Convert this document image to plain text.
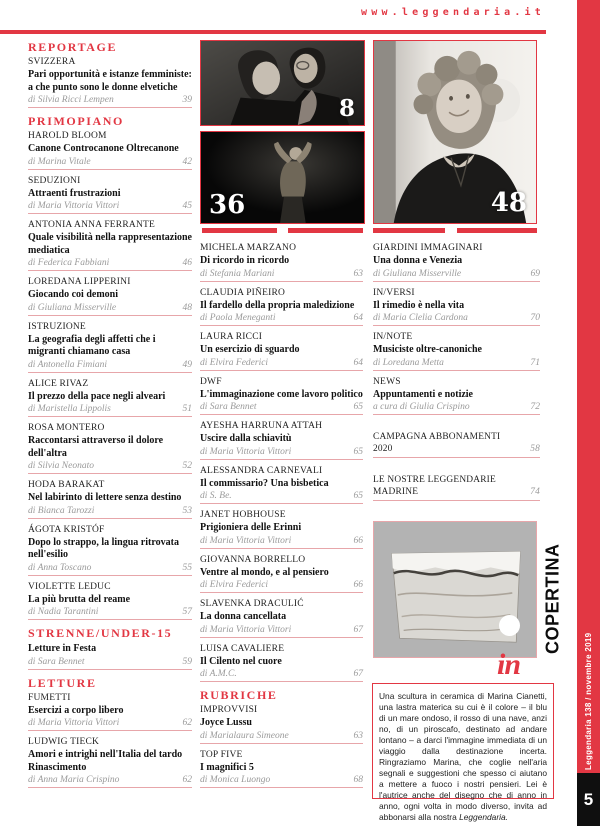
www.leggendaria.it
8
36	48
REPORTAGE
SVIZZERA
Pari opportunità e istanze femministe: a che punto sono le donne elvetiche
di Silvia Ricci Lempen	39
PRIMOPIANO
HAROLD BLOOM
Canone Controcanone Oltrecanone
di Marina Vitale	42
SEDUZIONI
Attraenti frustrazioni
di Maria Vittoria Vittori	45
ANTONIA ANNA FERRANTE
Quale visibilità nella rappresentazione mediatica
di Federica Fabbiani	46
LOREDANA LIPPERINI
Giocando coi demoni
di Giuliana Misserville	48
ISTRUZIONE
La geografia degli affetti che i migranti chiamano casa
di Antonella Fimiani	49
ALICE RIVAZ
Il prezzo della pace negli alveari
di Maristella Lippolis	51
ROSA MONTERO
Raccontarsi attraverso il dolore dell'altra
di Silvia Neonato	52
HODA BARAKAT
Nel labirinto di lettere senza destino
di Bianca Tarozzi	53
ÁGOTA KRISTÓF
Dopo lo strappo, la lingua ritrovata nell'esilio
di Anna Toscano	55
VIOLETTE LEDUC
La più brutta del reame
di Nadia Tarantini	57
STRENNE/UNDER-15
Letture in Festa
di Sara Bennet	59
LETTURE
FUMETTI
Esercizi a corpo libero
di Maria Vittoria Vittori	62
LUDWIG TIECK
Amori e intrighi nell'Italia del tardo Rinascimento
di Anna Maria Crispino	62
MICHELA MARZANO
Di ricordo in ricordo
di Stefania Mariani	63
CLAUDIA PIÑEIRO
Il fardello della propria maledizione
di Paola Meneganti	64
LAURA RICCI
Un esercizio di sguardo
di Elvira Federici	64
DWF
L'immaginazione come lavoro politico
di Sara Bennet	65
AYESHA HARRUNA ATTAH
Uscire dalla schiavitù
di Maria Vittoria Vittori	65
ALESSANDRA CARNEVALI
Il commissario? Una bisbetica
di S. Be.	65
JANET HOBHOUSE
Prigioniera delle Erinni
di Maria Vittoria Vittori	66
GIOVANNA BORRELLO
Ventre al mondo, e al pensiero
di Elvira Federici	66
SLAVENKA DRACULIĆ
La donna cancellata
di Maria Vittoria Vittori	67
LUISA CAVALIERE
Il Cilento nel cuore
di A.M.C.	67
RUBRICHE
IMPROVVISI
Joyce Lussu
di Marialaura Simeone	63
TOP FIVE
I magnifici 5
di Monica Luongo	68
GIARDINI IMMAGINARI
Una donna e Venezia
di Giuliana Misserville	69
IN/VERSI
Il rimedio è nella vita
di Maria Clelia Cardona	70
IN/NOTE
Musiciste oltre-canoniche
di Loredana Metta	71
NEWS
Appuntamenti e notizie
a cura di Giulia Crispino	72
CAMPAGNA ABBONAMENTI 2020	58
LE NOSTRE LEGGENDARIE MADRINE	74
in
COPERTINA
Una scultura in ceramica di Marina Cianetti, una lastra materica su cui è il colore – il blu di un mare ondoso, il rosso di una nave, anzi no, di un piroscafo, destinato ad andare lontano – a darci l'immagine immediata di un viaggio dalla destinazione incerta. Ringraziamo Marina, che coglie nell'aria segnali e suggestioni che spesso ci aiutano a mettere a fuoco i nostri pensieri. Lei è l'autrice anche del disegno che di anno in anno, ogni volta in modo diverso, invita ad abbonarsi alla nostra Leggendaria.
Leggendaria 138 / novembre 2019
5
